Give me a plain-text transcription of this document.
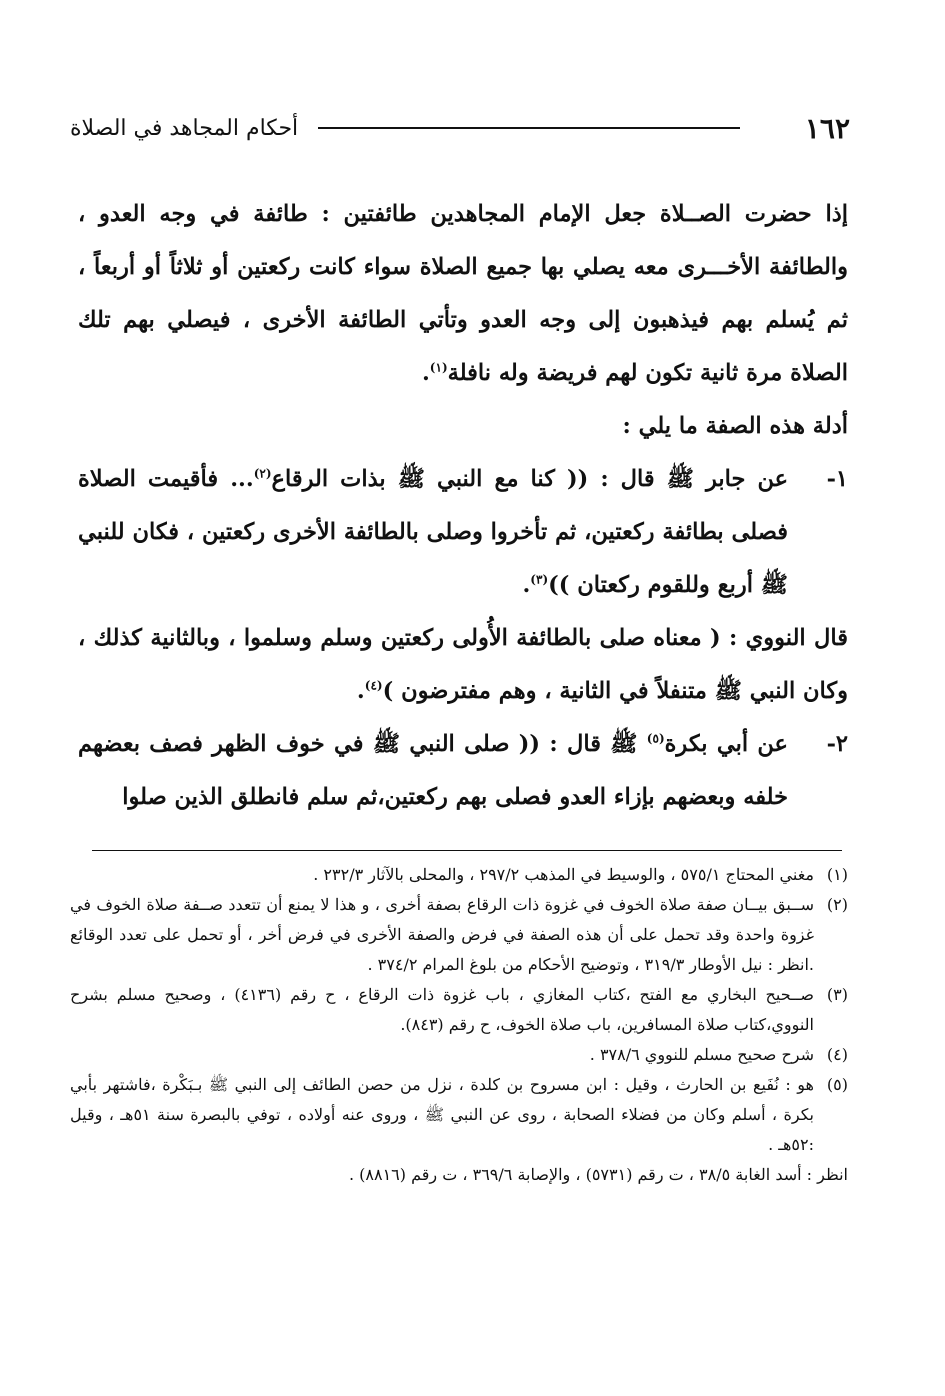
١٦٢
أحكام المجاهد في الصلاة

إذا حضرت الصــلاة جعل الإمام المجاهدين طائفتين : طائفة في وجه العدو ، والطائفة الأخـــرى معه يصلي بها جميع الصلاة سواء كانت ركعتين أو ثلاثاً أو أربعاً ، ثم يُسلم بهم فيذهبون إلى وجه العدو وتأتي الطائفة الأخرى ، فيصلي بهم تلك الصلاة مرة ثانية تكون لهم فريضة وله نافلة$^{(١)}$.

أدلة هذه الصفة ما يلي :

١-
عن جابر ﷺ قال : (( كنا مع النبي ﷺ بذات الرقاع$^{(٢)}$... فأقيمت الصلاة فصلى بطائفة ركعتين، ثم تأخروا وصلى بالطائفة الأخرى ركعتين ، فكان للنبي ﷺ أربع وللقوم ركعتان ))$^{(٣)}$.

قال النووي : ( معناه صلى بالطائفة الأُولى ركعتين وسلم وسلموا ، وبالثانية كذلك ، وكان النبي ﷺ متنفلاً في الثانية ، وهم مفترضون )$^{(٤)}$.

٢-
عن أبي بكرة$^{(٥)}$ ﷺ قال : (( صلى النبي ﷺ في خوف الظهر فصف بعضهم خلفه وبعضهم بإزاء العدو فصلى بهم ركعتين،ثم سلم فانطلق الذين صلوا

(١)
مغني المحتاج ٥٧٥/١ ، والوسيط في المذهب ٢٩٧/٢ ، والمحلى بالآثار ٢٣٢/٣ .

(٢)
ســبق بيــان صفة صلاة الخوف في غزوة ذات الرقاع بصفة أخرى ، و هذا لا يمنع أن تتعدد صــفة صلاة الخوف في غزوة واحدة وقد تحمل على أن هذه الصفة في فرض والصفة الأخرى في فرض أخر ، أو تحمل على تعدد الوقائع .انظر : نيل الأوطار ٣١٩/٣ ، وتوضيح الأحكام من بلوغ المرام ٣٧٤/٢ .

(٣)
صــحيح البخاري مع الفتح ،كتاب المغازي ، باب غزوة ذات الرقاع ، ح رقم (٤١٣٦) ، وصحيح مسلم بشرح النووي،كتاب صلاة المسافرين، باب صلاة الخوف، ح رقم (٨٤٣).

(٤)
شرح صحيح مسلم للنووي ٣٧٨/٦ .

(٥)
هو : نُفَيع بن الحارث ، وقيل : ابن مسروح بن كلدة ، نزل من حصن الطائف إلى النبي ﷺ بـبَكْرة ،فاشتهر بأبي بكرة ، أسلم وكان من فضلاء الصحابة ، روى عن النبي ﷺ ، وروى عنه أولاده ، توفي بالبصرة سنة ٥١هـ ، وقيل :٥٢هـ .

انظر : أسد الغابة ٣٨/٥ ، ت رقم (٥٧٣١) ، والإصابة ٣٦٩/٦ ، ت رقم (٨٨١٦) .
